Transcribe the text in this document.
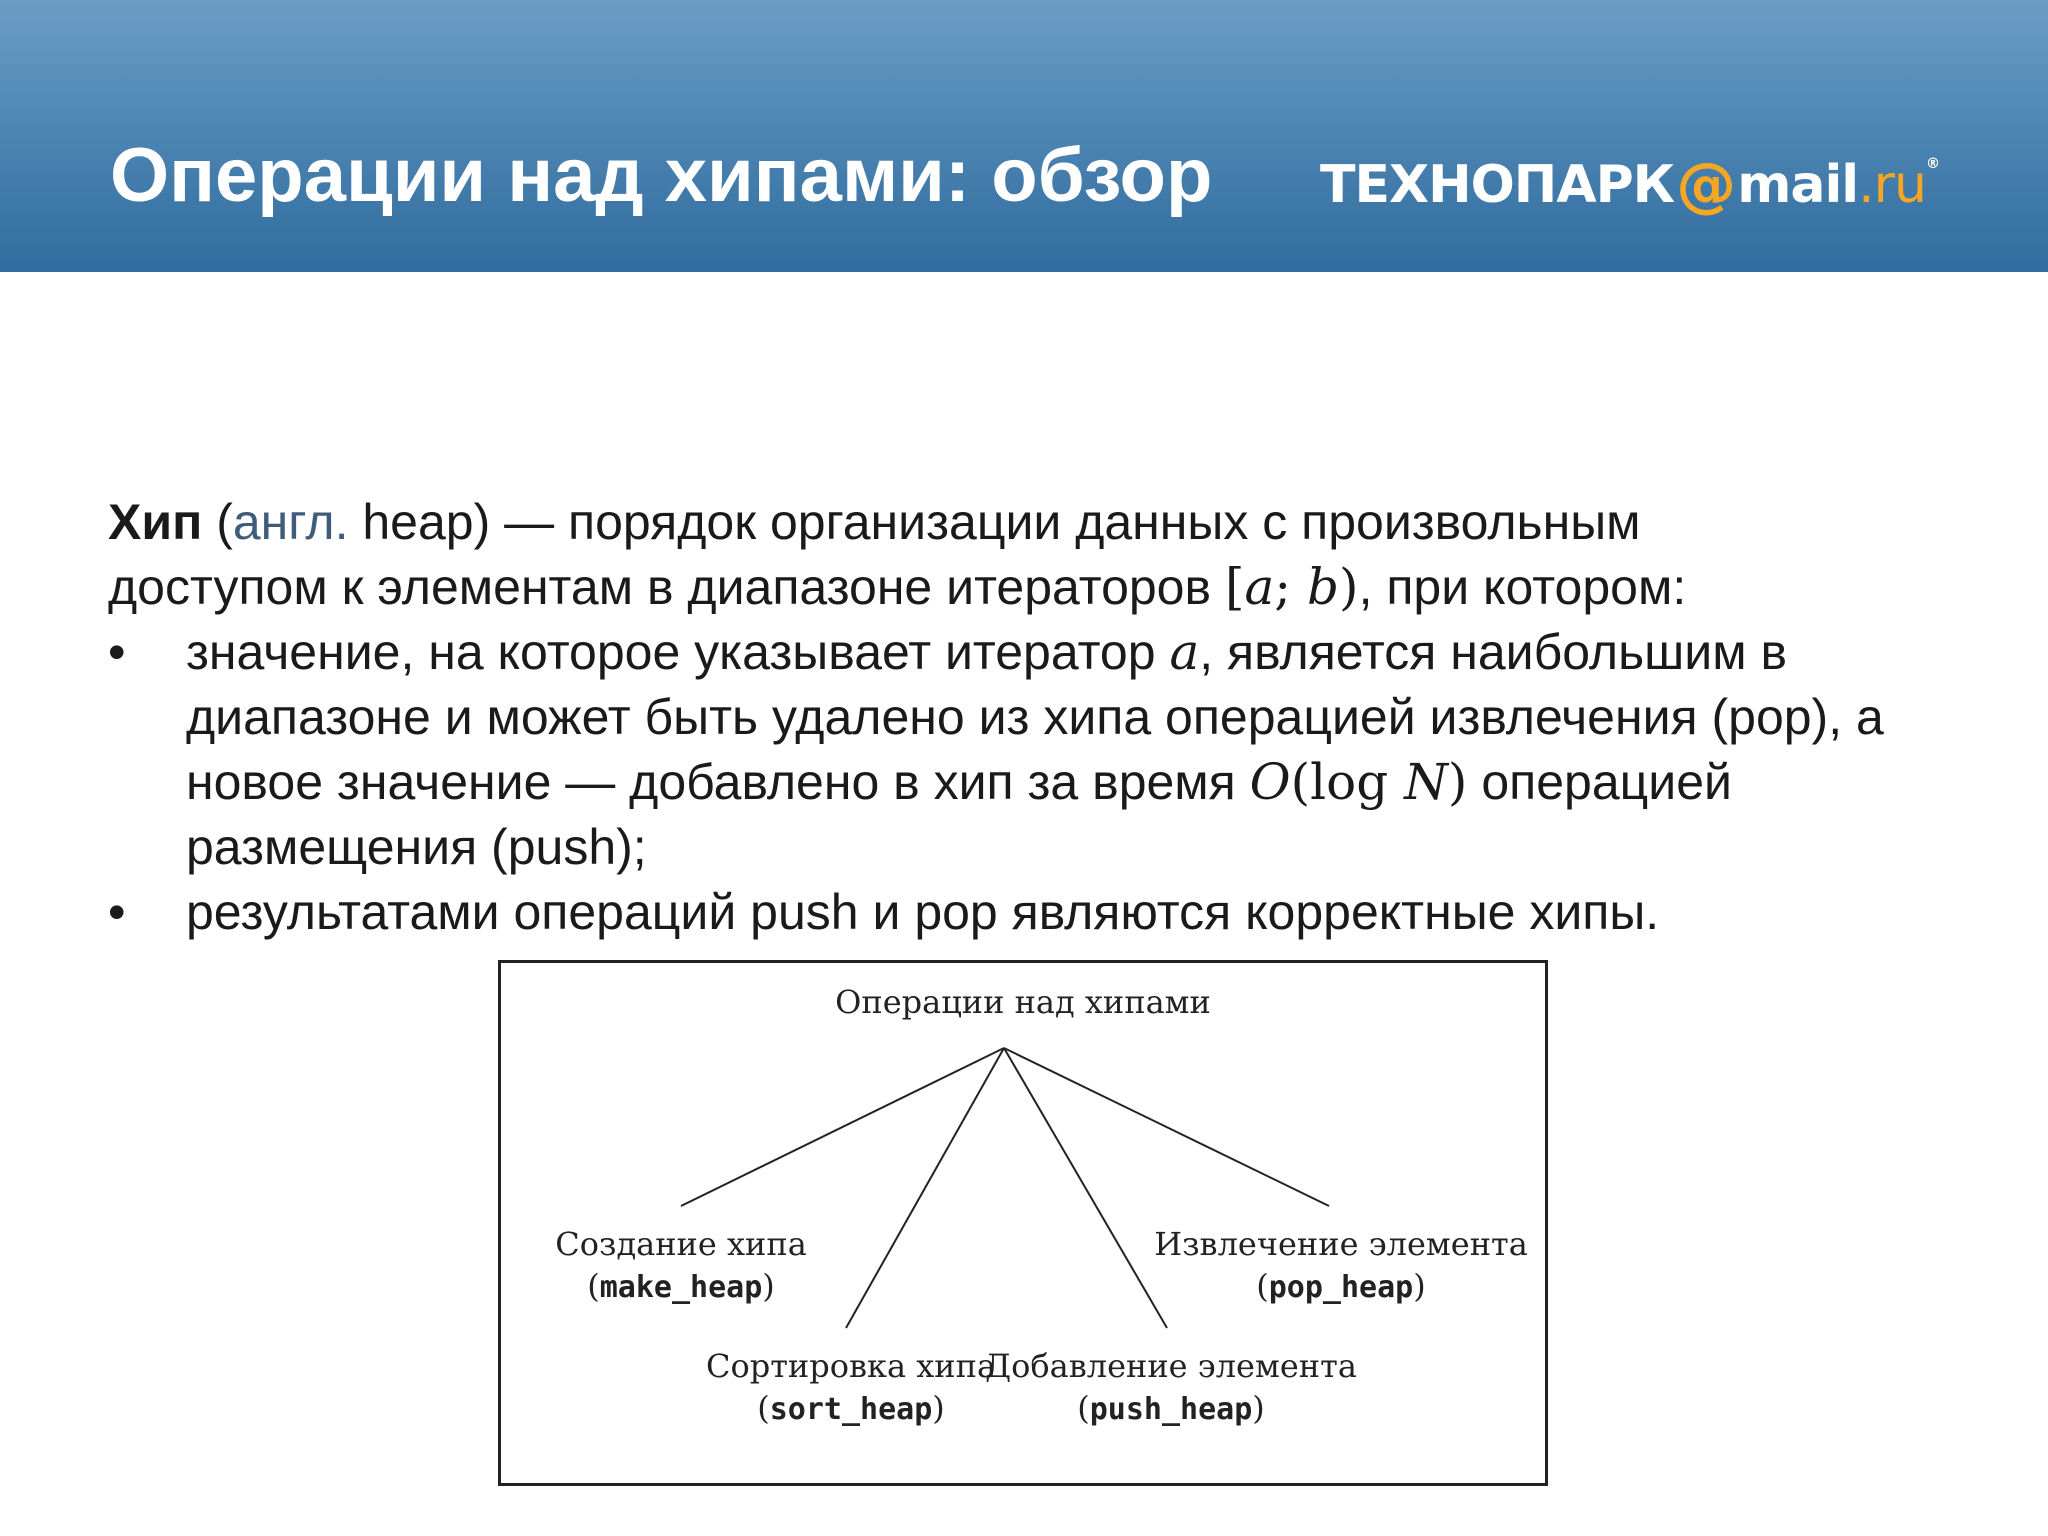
Операции над хипами: обзор ТЕХНОПАРК @ mail . ru ®

Хип (англ. heap) — порядок организации данных с произвольным
доступом к элементам в диапазоне итераторов [a; b), при котором:

• значение, на которое указывает итератор a, является наибольшим в диапазоне и может быть удалено из хипа операцией извлечения (pop), а новое значение — добавлено в хип за время O(log N) операцией размещения (push);
• результатами операций push и pop являются корректные хипы.
Операции над хипами
Создание хипа
(make_heap)
Сортировка хипа
(sort_heap)
Добавление элемента
(push_heap)
Извлечение элемента
(pop_heap)
